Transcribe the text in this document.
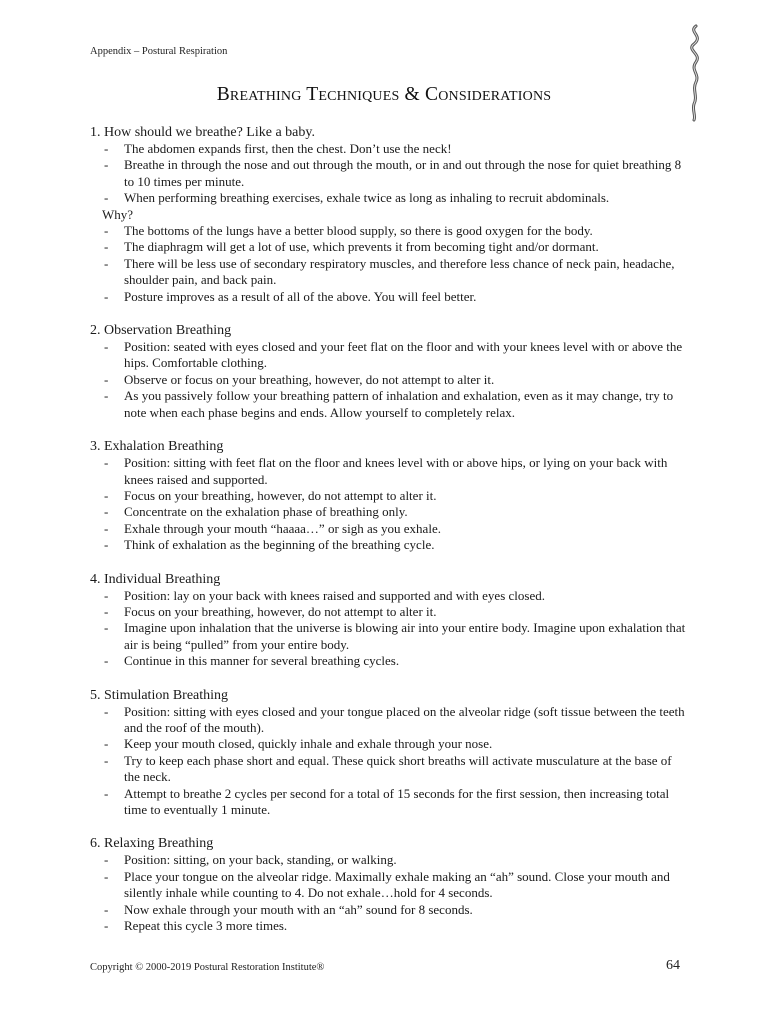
Appendix – Postural Respiration
Breathing Techniques & Considerations
1. How should we breathe? Like a baby.
- The abdomen expands first, then the chest. Don’t use the neck!
- Breathe in through the nose and out through the mouth, or in and out through the nose for quiet breathing 8 to 10 times per minute.
- When performing breathing exercises, exhale twice as long as inhaling to recruit abdominals.
Why?
- The bottoms of the lungs have a better blood supply, so there is good oxygen for the body.
- The diaphragm will get a lot of use, which prevents it from becoming tight and/or dormant.
- There will be less use of secondary respiratory muscles, and therefore less chance of neck pain, headache, shoulder pain, and back pain.
- Posture improves as a result of all of the above. You will feel better.
2. Observation Breathing
- Position: seated with eyes closed and your feet flat on the floor and with your knees level with or above the hips. Comfortable clothing.
- Observe or focus on your breathing, however, do not attempt to alter it.
- As you passively follow your breathing pattern of inhalation and exhalation, even as it may change, try to note when each phase begins and ends. Allow yourself to completely relax.
3. Exhalation Breathing
- Position: sitting with feet flat on the floor and knees level with or above hips, or lying on your back with knees raised and supported.
- Focus on your breathing, however, do not attempt to alter it.
- Concentrate on the exhalation phase of breathing only.
- Exhale through your mouth “haaaa…” or sigh as you exhale.
- Think of exhalation as the beginning of the breathing cycle.
4. Individual Breathing
- Position: lay on your back with knees raised and supported and with eyes closed.
- Focus on your breathing, however, do not attempt to alter it.
- Imagine upon inhalation that the universe is blowing air into your entire body. Imagine upon exhalation that air is being “pulled” from your entire body.
- Continue in this manner for several breathing cycles.
5. Stimulation Breathing
- Position: sitting with eyes closed and your tongue placed on the alveolar ridge (soft tissue between the teeth and the roof of the mouth).
- Keep your mouth closed, quickly inhale and exhale through your nose.
- Try to keep each phase short and equal. These quick short breaths will activate musculature at the base of the neck.
- Attempt to breathe 2 cycles per second for a total of 15 seconds for the first session, then increasing total time to eventually 1 minute.
6. Relaxing Breathing
- Position: sitting, on your back, standing, or walking.
- Place your tongue on the alveolar ridge. Maximally exhale making an “ah” sound. Close your mouth and silently inhale while counting to 4. Do not exhale…hold for 4 seconds.
- Now exhale through your mouth with an “ah” sound for 8 seconds.
- Repeat this cycle 3 more times.
Copyright © 2000-2019 Postural Restoration Institute®	64
